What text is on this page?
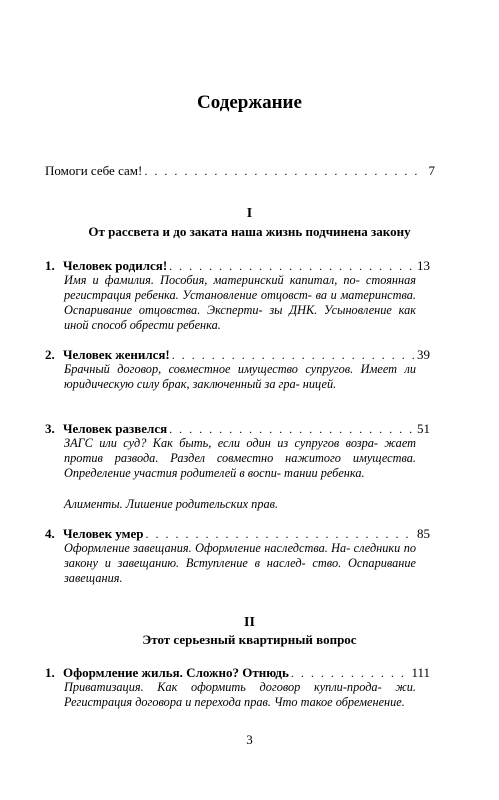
Содержание
Помоги себе сам! . . .	7
I
От рассвета и до заката наша жизнь подчинена закону
1. Человек родился! . . .	13

Имя и фамилия. Пособия, материнский капитал, по- стоянная регистрация ребенка. Установление отцовст- ва и материнства. Оспаривание отцовства. Эксперти- зы ДНК. Усыновление как иной способ обрести ребенка.

2. Человек женился! . . .	39

Брачный договор, совместное имущество супругов. Имеет ли юридическую силу брак, заключенный за гра- ницей.

3. Человек развелся . . .	51

ЗАГС или суд? Как быть, если один из супругов возра- жает против развода. Раздел совместно нажитого имущества. Определение участия родителей в воспи- тании ребенка.

Алименты. Лишение родительских прав.

4. Человек умер . . .	85

Оформление завещания. Оформление наследства. На- следники по закону и завещанию. Вступление в наслед- ство. Оспаривание завещания.

II
Этот серьезный квартирный вопрос
1. Оформление жилья. Сложно? Отнюдь . . .	111

Приватизация. Как оформить договор купли-прода- жи. Регистрация договора и перехода прав. Что такое обременение.

3
